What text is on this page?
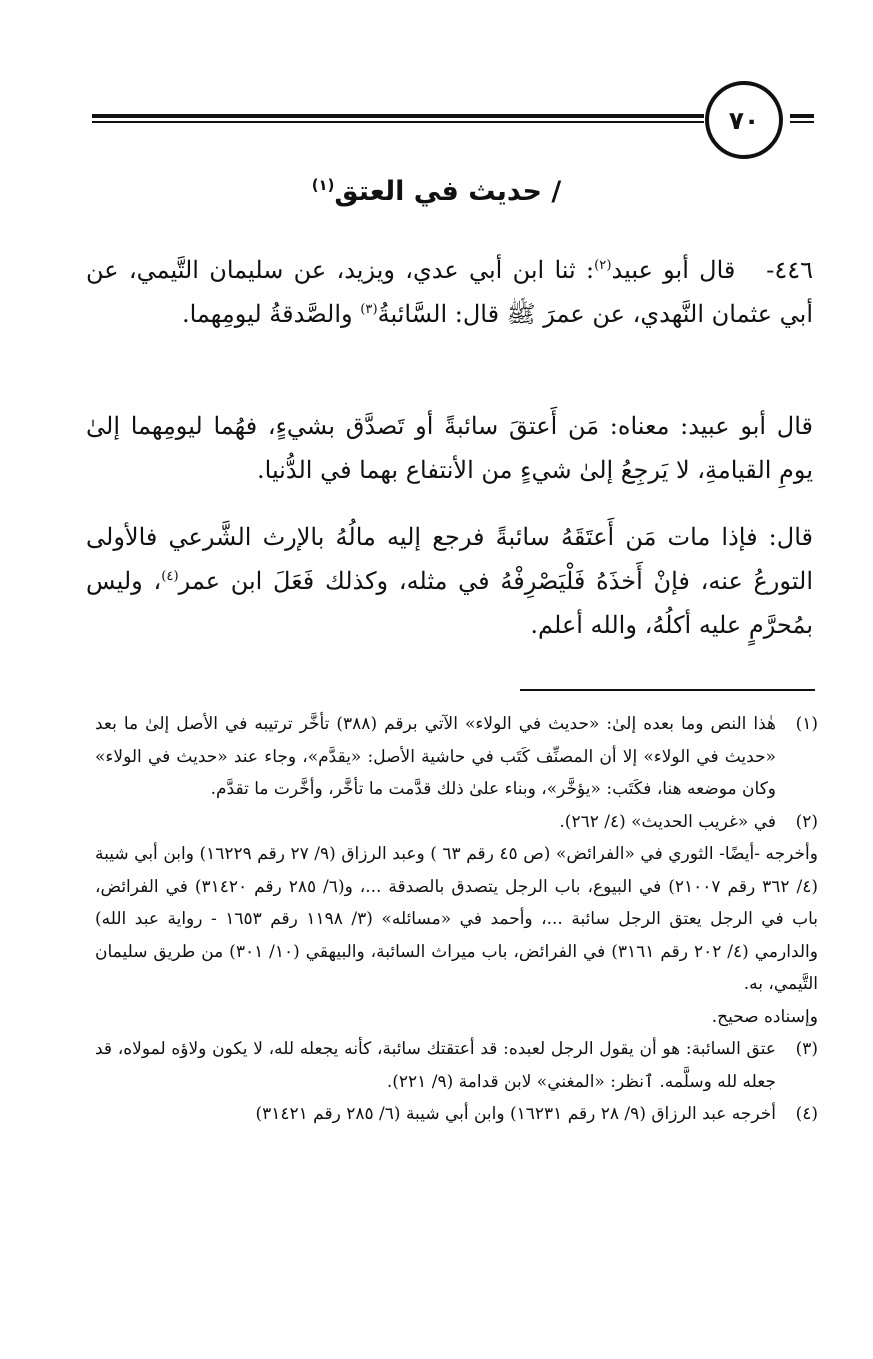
٧٠
/ حديث في العتق$^{(١)}$

٤٤٦-   قال أبو عبيد$^{(٢)}$: ثنا ابن أبي عدي، ويزيد، عن سليمان التَّيمي، عن أبي عثمان النَّهدي، عن عمرَ ﷺ قال: السَّائبةُ$^{(٣)}$ والصَّدقةُ ليومِهما.

قال أبو عبيد: معناه: مَن أَعتقَ سائبةً أو تَصدَّق بشيءٍ، فهُما ليومِهما إلىٰ يومِ القيامةِ، لا يَرجِعُ إلىٰ شيءٍ من الأنتفاع بهما في الدُّنيا.

قال: فإذا مات مَن أَعتَقَهُ سائبةً فرجع إليه مالُهُ بالإرث الشَّرعي فالأولى التورعُ عنه، فإنْ أَخذَهُ فَلْيَصْرِفْهُ في مثله، وكذلك فَعَلَ ابن عمر$^{(٤)}$، وليس بمُحرَّمٍ عليه أكلُهُ، والله أعلم.

(١)

هٰذا النص وما بعده إلىٰ: «حديث في الولاء» الآتي برقم (٣٨٨) تأخَّر ترتيبه في الأصل إلىٰ ما بعد «حديث في الولاء» إلا أن المصنِّف كَتَب في حاشية الأصل: «يقدَّم»، وجاء عند «حديث في الولاء» وكان موضعه هنا، فكَتَب: «يؤخَّر»، وبناء علىٰ ذلك قدَّمت ما تأخَّر، وأخَّرت ما تقدَّم.

(٢)

في «غريب الحديث» (٤/ ٢٦٢).

وأخرجه -أيضًا- الثوري في «الفرائض» (ص ٤٥ رقم ٦٣ ) وعبد الرزاق (٩/ ٢٧ رقم ١٦٢٢٩) وابن أبي شيبة (٤/ ٣٦٢ رقم ٢١٠٠٧) في البيوع، باب الرجل يتصدق بالصدقة ...، و(٦/ ٢٨٥ رقم ٣١٤٢٠) في الفرائض، باب في الرجل يعتق الرجل سائبة ...، وأحمد في «مسائله» (٣/ ١١٩٨ رقم ١٦٥٣ - رواية عبد الله) والدارمي (٤/ ٢٠٢ رقم ٣١٦١) في الفرائض، باب ميراث السائبة، والبيهقي (١٠/ ٣٠١) من طريق سليمان التَّيمي، به.

وإسناده صحيح.

(٣)

عتق السائبة: هو أن يقول الرجل لعبده: قد أعتقتك سائبة، كأنه يجعله لله، لا يكون ولاؤه لمولاه، قد جعله لله وسلَّمه. ٱنظر: «المغني» لابن قدامة (٩/ ٢٢١).

(٤)

أخرجه عبد الرزاق (٩/ ٢٨ رقم ١٦٢٣١) وابن أبي شيبة (٦/ ٢٨٥ رقم ٣١٤٢١)
